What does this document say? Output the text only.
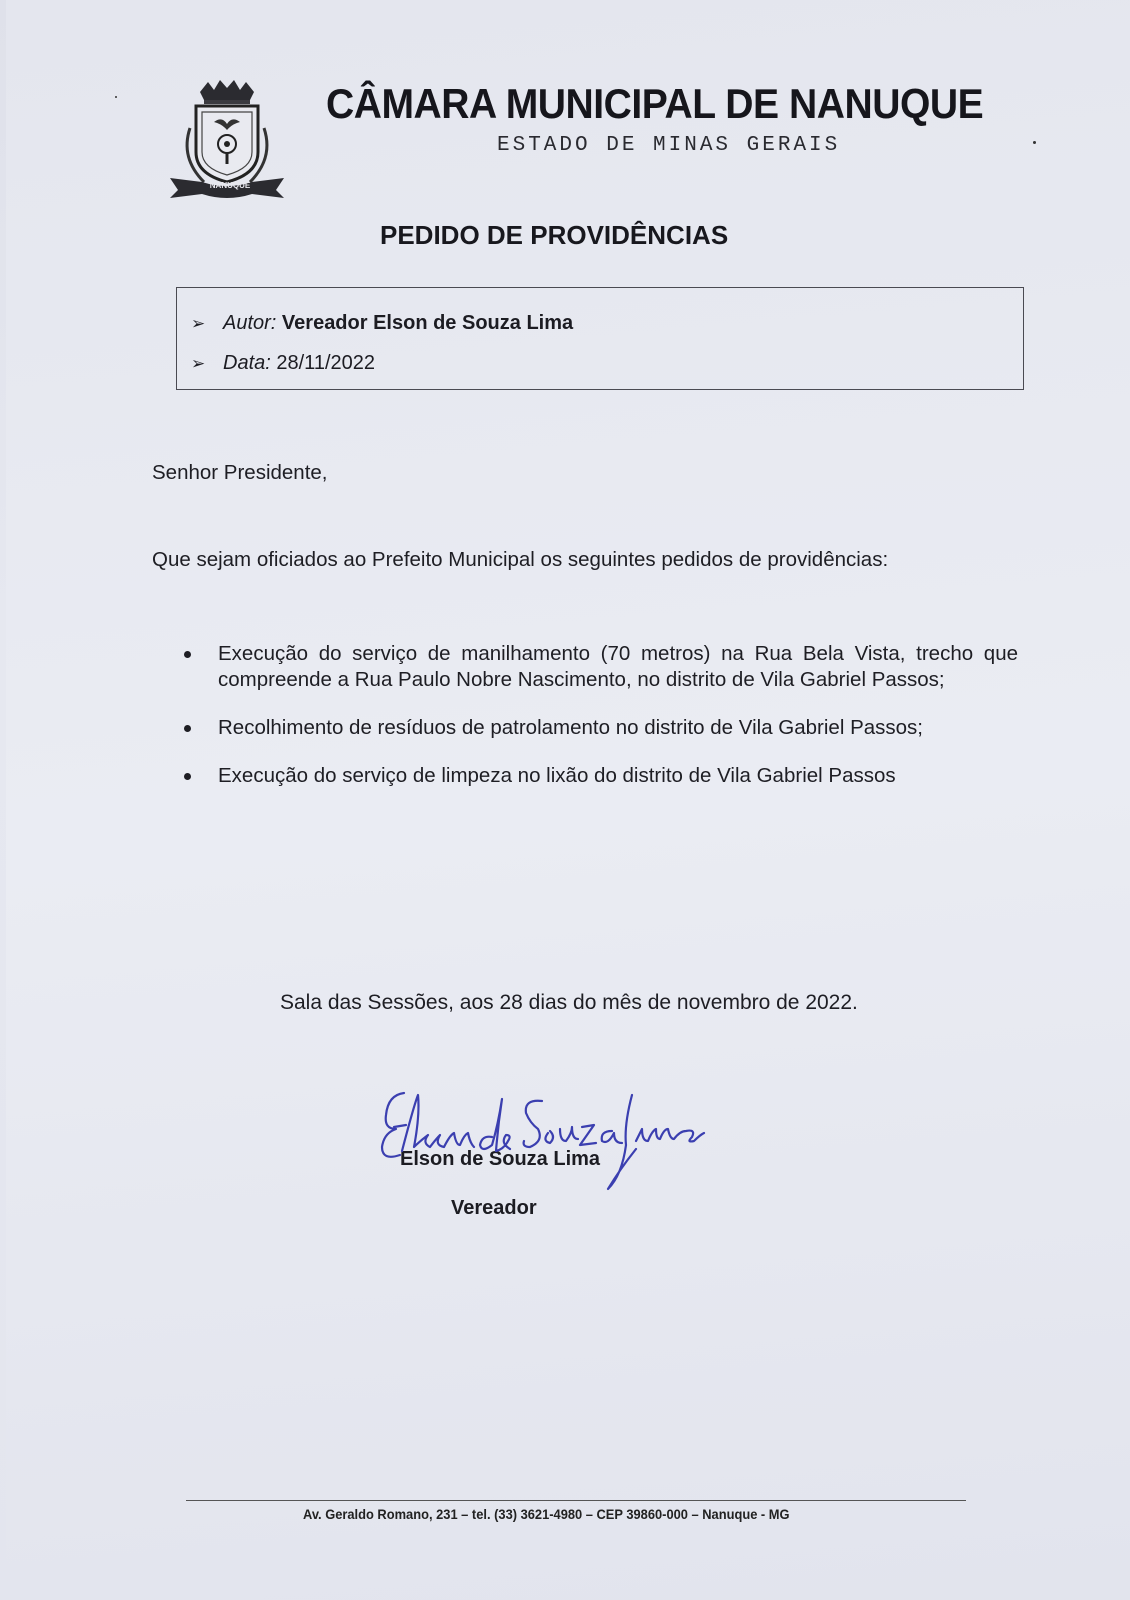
NANUQUE
CÂMARA MUNICIPAL DE NANUQUE
ESTADO DE MINAS GERAIS
PEDIDO DE PROVIDÊNCIAS
➢ Autor: Vereador Elson de Souza Lima
➢ Data: 28/11/2022
Senhor Presidente,
Que sejam oficiados ao Prefeito Municipal os seguintes pedidos de providências:
Execução do serviço de manilhamento (70 metros) na Rua Bela Vista, trecho que compreende a Rua Paulo Nobre Nascimento, no distrito de Vila Gabriel Passos;
Recolhimento de resíduos de patrolamento no distrito de Vila Gabriel Passos;
Execução do serviço de limpeza no lixão do distrito de Vila Gabriel Passos
Sala das Sessões, aos 28 dias do mês de novembro de 2022.
Elson de Souza Lima
Vereador
Av. Geraldo Romano, 231 – tel. (33) 3621-4980 – CEP 39860-000 – Nanuque - MG
